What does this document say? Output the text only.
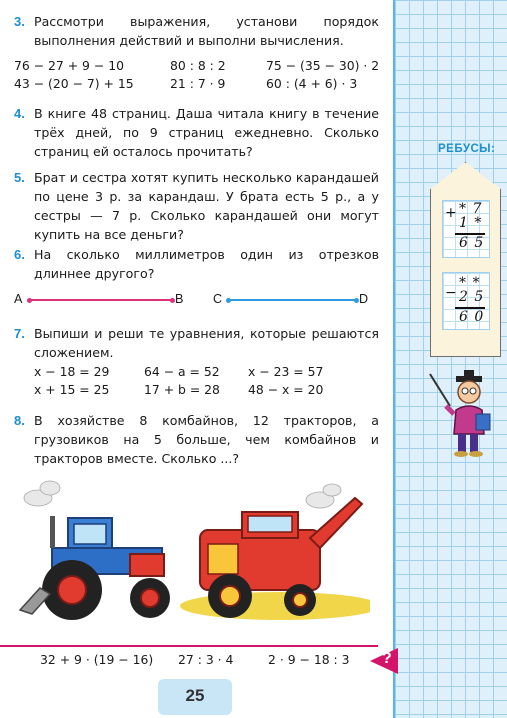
3. Рассмотри выражения, установи порядок выполнения действий и выполни вычисления.
76 − 27 + 9 − 10	80 : 8 : 2	75 − (35 − 30) · 2
43 − (20 − 7) + 15	21 : 7 · 9	60 : (4 + 6) · 3
4. В книге 48 страниц. Даша читала книгу в течение трёх дней, по 9 страниц ежедневно. Сколько страниц ей осталось прочитать?
5. Брат и сестра хотят купить несколько карандашей по цене 3 р. за карандаш. У брата есть 5 р., а у сестры — 7 р. Сколько карандашей они могут купить на все деньги?
6. На сколько миллиметров один из отрезков длиннее другого?
A	B C	D
7. Выпиши и реши те уравнения, которые решаются сложением.
x − 18 = 29	64 − a = 52 x − 23 = 57
x + 15 = 25	17 + b = 28 48 − x = 20
8. В хозяйстве 8 комбайнов, 12 тракторов, а грузовиков на 5 больше, чем комбайнов и тракторов вместе. Сколько ...?
?
32 + 9 · (19 − 16) 27 : 3 · 4	2 · 9 − 18 : 3
25
РЕБУСЫ:
+ * 7
1 *
6 5
−
* *
2 5
6 0
